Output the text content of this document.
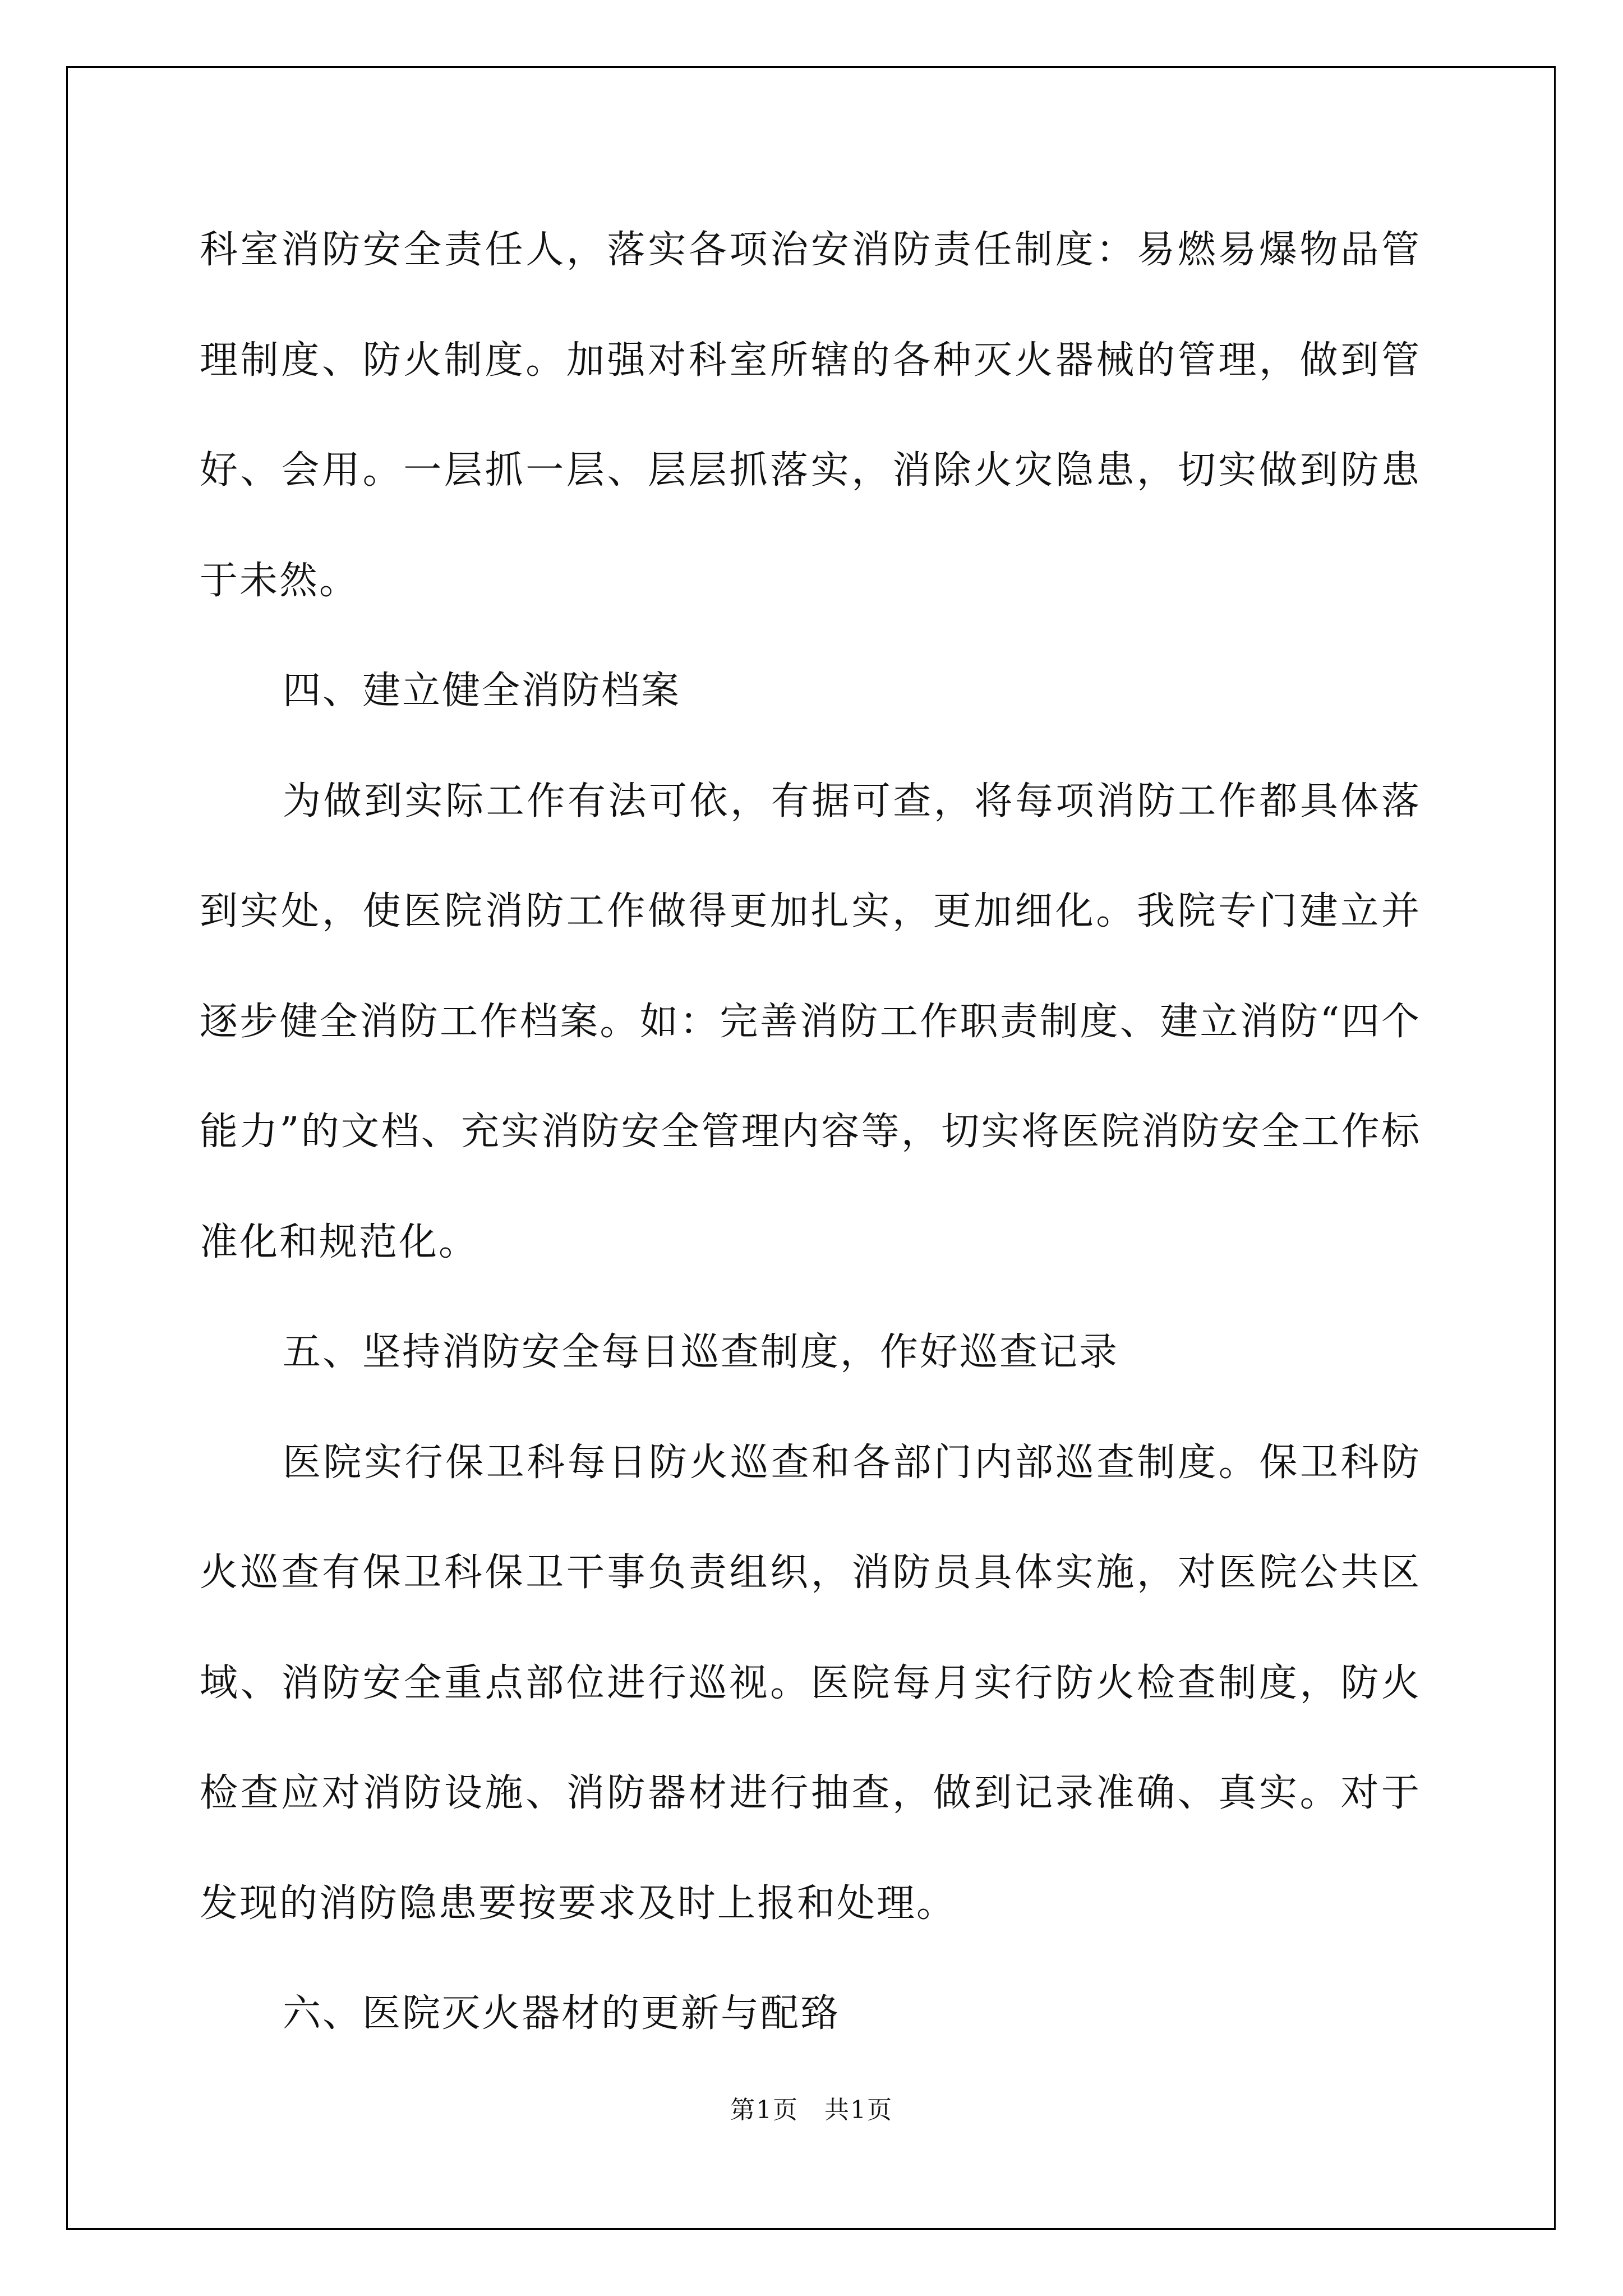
科室消防安全责任人，落实各项治安消防责任制度：易燃易爆物品管理制度、防火制度。加强对科室所辖的各种灭火器械的管理，做到管好、会用。一层抓一层、层层抓落实，消除火灾隐患，切实做到防患于未然。

四、建立健全消防档案

为做到实际工作有法可依，有据可查，将每项消防工作都具体落到实处，使医院消防工作做得更加扎实，更加细化。我院专门建立并逐步健全消防工作档案。如：完善消防工作职责制度、建立消防“四个能力”的文档、充实消防安全管理内容等，切实将医院消防安全工作标准化和规范化。

五、坚持消防安全每日巡查制度，作好巡查记录

医院实行保卫科每日防火巡查和各部门内部巡查制度。保卫科防火巡查有保卫科保卫干事负责组织，消防员具体实施，对医院公共区域、消防安全重点部位进行巡视。医院每月实行防火检查制度，防火检查应对消防设施、消防器材进行抽查，做到记录准确、真实。对于发现的消防隐患要按要求及时上报和处理。

六、医院灭火器材的更新与配臵

第1页　共1页
